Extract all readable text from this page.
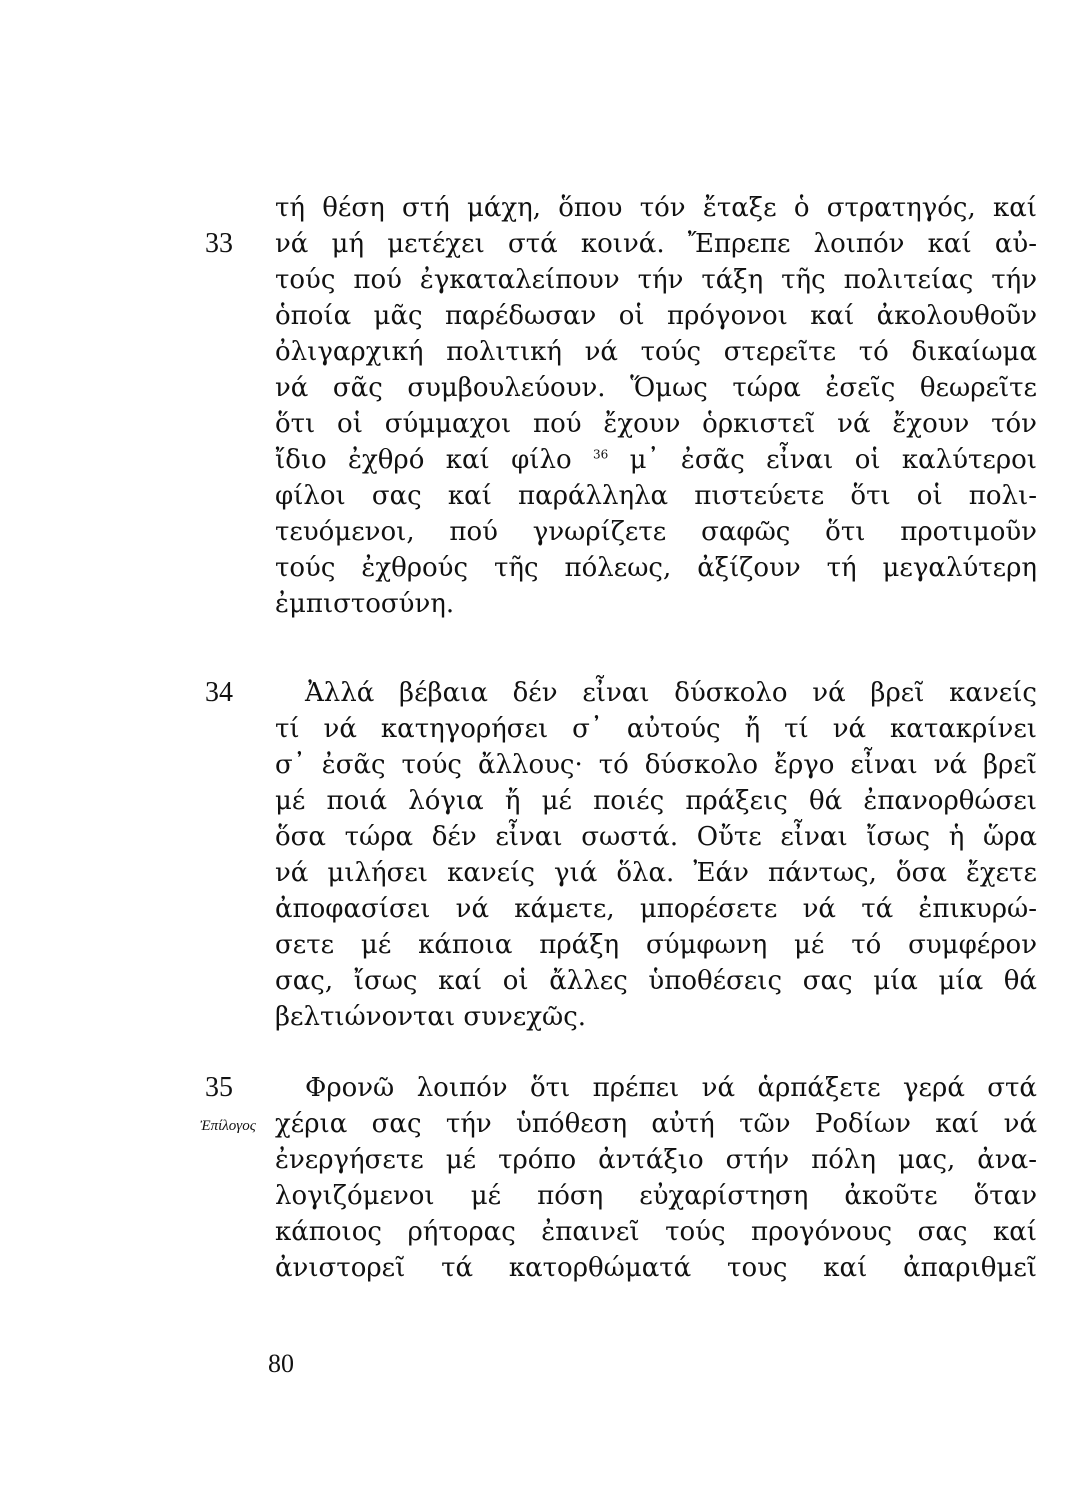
33
34
35
Ἐπίλογος
τή θέση στή μάχη, ὅπου τόν ἔταξε ὁ στρατηγός, καί
νά μή μετέχει στά κοινά. Ἔπρεπε λοιπόν καί αὐ-
τούς πού ἐγκαταλείπουν τήν τάξη τῆς πολιτείας τήν
ὁποία μᾶς παρέδωσαν οἱ πρόγονοι καί ἀκολουθοῦν
ὀλιγαρχική πολιτική νά τούς στερεῖτε τό δικαίωμα
νά σᾶς συμβουλεύουν. Ὅμως τώρα ἐσεῖς θεωρεῖτε
ὅτι οἱ σύμμαχοι πού ἔχουν ὁρκιστεῖ νά ἔχουν τόν
ἴδιο ἐχθρό καί φίλο $^{36}$ μ᾽ ἐσᾶς εἶναι οἱ καλύτεροι
φίλοι σας καί παράλληλα πιστεύετε ὅτι οἱ πολι-
τευόμενοι, πού γνωρίζετε σαφῶς ὅτι προτιμοῦν
τούς ἐχθρούς τῆς πόλεως, ἀξίζουν τή μεγαλύτερη
ἐμπιστοσύνη.
Ἀλλά βέβαια δέν εἶναι δύσκολο νά βρεῖ κανείς
τί νά κατηγορήσει σ᾽ αὐτούς ἤ τί νά κατακρίνει
σ᾽ ἐσᾶς τούς ἄλλους· τό δύσκολο ἔργο εἶναι νά βρεῖ
μέ ποιά λόγια ἤ μέ ποιές πράξεις θά ἐπανορθώσει
ὅσα τώρα δέν εἶναι σωστά. Οὔτε εἶναι ἴσως ἡ ὥρα
νά μιλήσει κανείς γιά ὅλα. Ἐάν πάντως, ὅσα ἔχετε
ἀποφασίσει νά κάμετε, μπορέσετε νά τά ἐπικυρώ-
σετε μέ κάποια πράξη σύμφωνη μέ τό συμφέρον
σας, ἴσως καί οἱ ἄλλες ὑποθέσεις σας μία μία θά
βελτιώνονται συνεχῶς.
Φρονῶ λοιπόν ὅτι πρέπει νά ἁρπάξετε γερά στά
χέρια σας τήν ὑπόθεση αὐτή τῶν Ροδίων καί νά
ἐνεργήσετε μέ τρόπο ἀντάξιο στήν πόλη μας, ἀνα-
λογιζόμενοι μέ πόση εὐχαρίστηση ἀκοῦτε ὅταν
κάποιος ρήτορας ἐπαινεῖ τούς προγόνους σας καί
ἀνιστορεῖ τά κατορθώματά τους καί ἀπαριθμεῖ
80
